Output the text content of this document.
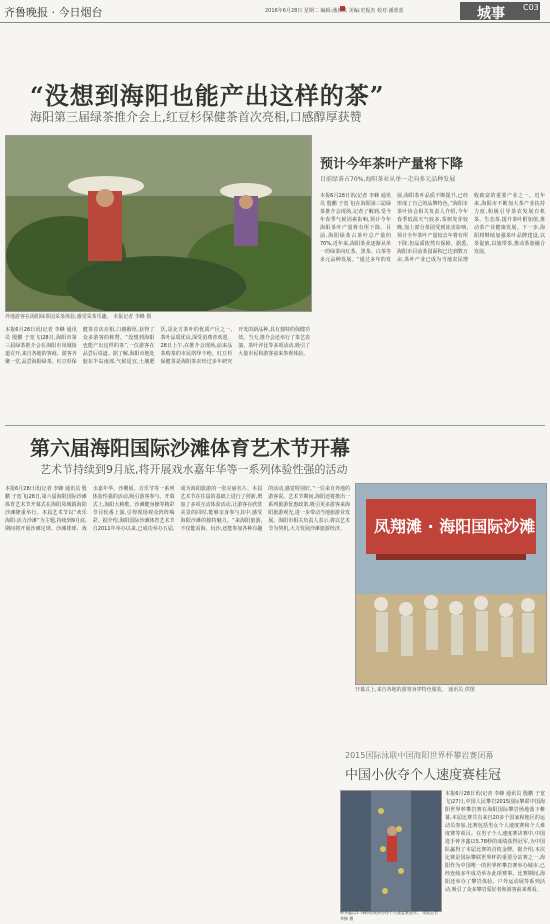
齐鲁晚报 · 今日烟台	2016年6月28日 星期二 编辑:潘蓝蓝 美编:史振杰 校对:潘蓝蓝	城事 C03
“没想到海阳也能产出这样的茶”
海阳第三届绿茶推介会上,红豆杉保健茶首次亮相,口感醇厚获赞
外地游客在海阳绿茶园采茶体验,感受采茶乐趣。 本报记者 李蜂 摄
本报6月28日讯(记者 李蜂 通讯员 殷鹏 于宽飞)28日,海阳市第三届绿茶推介会在海阳市凤城街道召开,来自各地的客商、游客齐聚一堂,品尝海阳绿茶。红豆杉保健茶首次亮相,口感醇厚,获得了众多游客的称赞。“没想到海阳也能产出这样的茶”,一位游客在品尝后说道。据了解,海阳市地处胶东半岛南部,气候适宜,土壤肥沃,是北方茶叶的优质产区之一,茶叶品质优良,深受消费者欢迎。28日上午,在推介会现场,前来品茶购茶的市民络绎不绝。红豆杉保健茶是海阳茶农经过多年研究开发的新品种,具有独特的保健功效。当天,推介会还举行了茶艺表演、茶叶评比等多项活动,吸引了大量市民和游客前来参观体验。
预计今年茶叶产量将下降
目前绿茶占70%,海阳茶业从单一走向多元品种发展
本报6月28日讯(记者 李蜂 通讯员 殷鹏 于宽飞)在海阳第三届绿茶推介会现场,记者了解到,受今年春季气候因素影响,预计今年海阳茶叶产量将有所下降。目前,海阳绿茶占茶叶总产量的70%,近年来,海阳茶业逐渐从单一的绿茶向红茶、黑茶、白茶等多元品种发展。“通过多年的发展,海阳茶叶品质不断提升,已经形成了自己的品牌特色。”海阳市茶叶协会相关负责人介绍,今年春季低温天气较多,茶树发芽较晚,加上部分茶园受到冻害影响,预计全年茶叶产量较去年将有所下降,但品质依然有保障。据悉,海阳市目前茶园面积已达到数万亩,茶叶产业已成为当地农民增收致富的重要产业之一。近年来,海阳市不断加大茶产业扶持力度,积极引导茶农发展有机茶、生态茶,提升茶叶附加值,推动茶产业健康发展。下一步,海阳将继续加强茶叶品牌建设,以茶促旅,以旅带茶,推动茶旅融合发展。
第六届海阳国际沙滩体育艺术节开幕
艺术节持续到9月底,将开展戏水嘉年华等一系列体验性强的活动
本报6月28日讯(记者 李蜂 通讯员 殷鹏 于宽飞)28日,第六届海阳国际沙滩体育艺术节开幕式在海阳凤城镇海阳沙滩隆重举行。本届艺术节以“欢乐海阳·活力沙滩”为主题,持续到9月底,期间将开展沙滩足球、沙滩排球、戏水嘉年华、沙雕展、音乐节等一系列体验性强的活动,吸引游客参与。开幕式上,海阳大秧歌、沙滩健身操等精彩节目轮番上演,引得现场观众阵阵喝彩。据介绍,海阳国际沙滩体育艺术节自2011年举办以来,已成功举办五届,成为海阳旅游的一张亮丽名片。本届艺术节在往届的基础上进行了创新,增加了多项互动体验活动,让游客在欣赏美景的同时,能够亲身参与其中,感受海阳沙滩的独特魅力。“来海阳旅游,不仅能看海、玩沙,还能参加各种有趣的活动,感觉特别好。”一位来自外地的游客说。艺术节期间,海阳还将推出一系列旅游优惠政策,吸引更多游客来海阳旅游观光,进一步带动当地旅游业发展。海阳市相关负责人表示,将以艺术节为契机,大力发展沙滩旅游经济。	凤翔滩 · 海阳国际沙滩
开幕式上,来自各地的游客身穿特色服装。 通讯员 供图
2015国际泳联中国海阳世界杯攀岩赛闭幕
中国小伙夺个人速度赛桂冠
钟齐鑫以5.78秒的成绩夺得个人速度赛冠军。 本报记者 李蜂 摄
本报6月28日讯(记者 李蜂 通讯员 殷鹏 于宽飞)27日,中国人民攀岩2015国际攀联中国海阳世界杯攀岩赛在海阳国际攀岩场地落下帷幕,本届比赛共有来自20多个国家和地区的运动员参加,比赛包括男女个人速度赛和个人难度赛等项目。在男子个人速度赛决赛中,中国选手钟齐鑫以5.78秒的成绩获得冠军,为中国队赢得了本届比赛的首枚金牌。据介绍,本次比赛是国际攀联世界杯的重要分站赛之一,海阳作为中国唯一的世界杯攀岩赛举办城市,已经连续多年成功举办此项赛事。比赛期间,海阳还举办了攀岩体验、户外运动展等系列活动,吸引了众多攀岩爱好者和游客前来观看。
